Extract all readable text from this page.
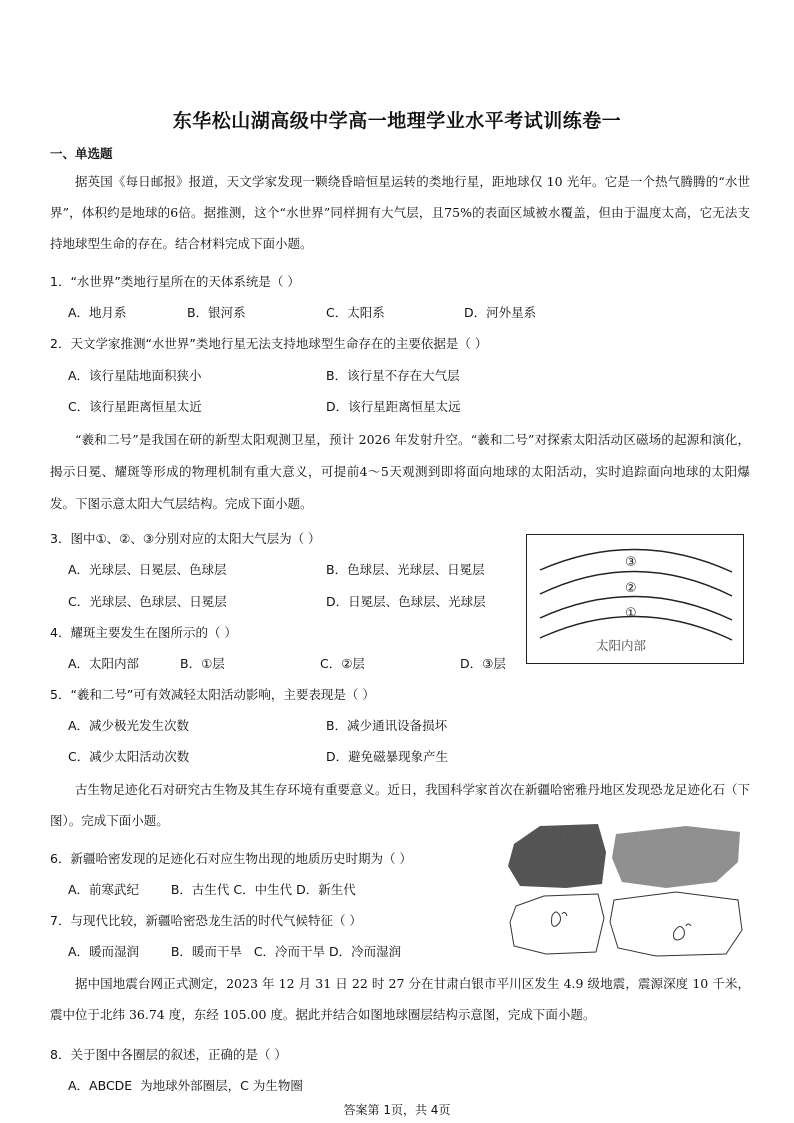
东华松山湖高级中学高一地理学业水平考试训练卷一
一、单选题
据英国《每日邮报》报道，天文学家发现一颗绕昏暗恒星运转的类地行星，距地球仅 10 光年。它是一个热气腾腾的“水世界”，体积约是地球的6倍。据推测，这个“水世界”同样拥有大气层，且75%的表面区域被水覆盖，但由于温度太高，它无法支持地球型生命的存在。结合材料完成下面小题。
1．“水世界”类地行星所在的天体系统是（ ）
A．地月系	B．银河系	C．太阳系	D．河外星系
2．天文学家推测“水世界”类地行星无法支持地球型生命存在的主要依据是（ ）
A．该行星陆地面积狭小	B．该行星不存在大气层
C．该行星距离恒星太近	D．该行星距离恒星太远
“羲和二号”是我国在研的新型太阳观测卫星，预计 2026 年发射升空。“羲和二号”对探索太阳活动区磁场的起源和演化，揭示日冕、耀斑等形成的物理机制有重大意义，可提前4～5天观测到即将面向地球的太阳活动，实时追踪面向地球的太阳爆发。下图示意太阳大气层结构。完成下面小题。
3．图中①、②、③分别对应的太阳大气层为（ ）
A．光球层、日冕层、色球层	B．色球层、光球层、日冕层
C．光球层、色球层、日冕层	D．日冕层、色球层、光球层
4．耀斑主要发生在图所示的（ ）
A．太阳内部	B．①层	C．②层	D．③层
③
②
①
太阳内部
5．“羲和二号”可有效减轻太阳活动影响，主要表现是（ ）
A．减少极光发生次数	B．减少通讯设备损坏
C．减少太阳活动次数	D．避免磁暴现象产生
古生物足迹化石对研究古生物及其生存环境有重要意义。近日，我国科学家首次在新疆哈密雅丹地区发现恐龙足迹化石（下图）。完成下面小题。
6．新疆哈密发现的足迹化石对应生物出现的地质历史时期为（ ）
A．前寒武纪        B．古生代 C．中生代 D．新生代
7．与现代比较，新疆哈密恐龙生活的时代气候特征（ ）
A．暖而湿润        B．暖而干旱   C．冷而干旱 D．冷而湿润
据中国地震台网正式测定，2023 年 12 月 31 日 22 时 27 分在甘肃白银市平川区发生 4.9 级地震，震源深度 10 千米，震中位于北纬 36.74 度，东经 105.00 度。据此并结合如图地球圈层结构示意图，完成下面小题。
8．关于图中各圈层的叙述，正确的是（ ）
A．ABCDE  为地球外部圈层，C 为生物圈
答案第 1页，共 4页
